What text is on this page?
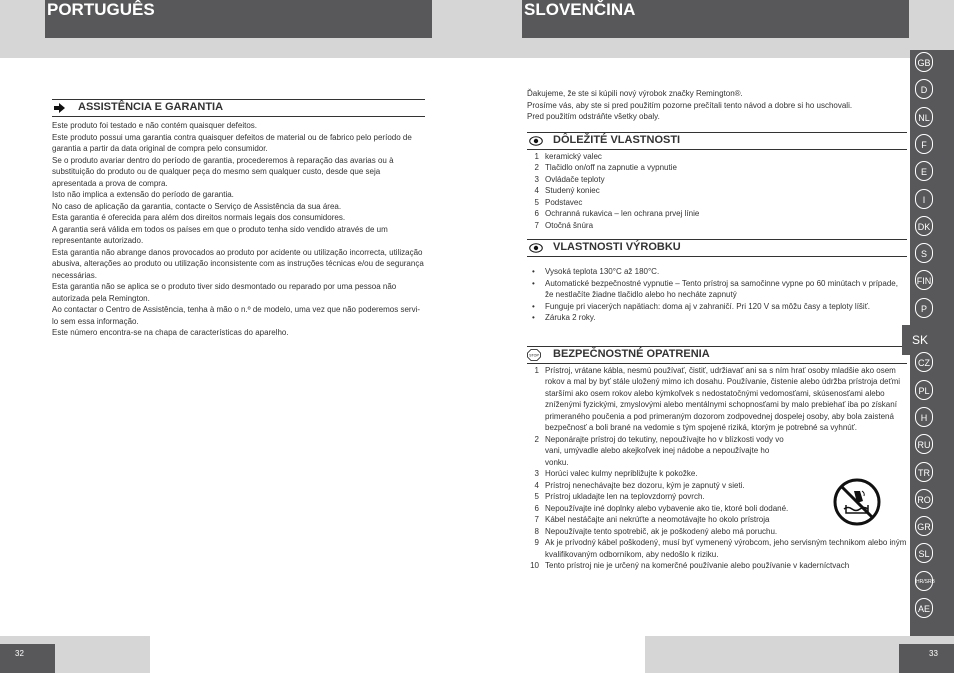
PORTUGUÊS	SLOVENČINA
ASSISTÊNCIA E GARANTIA
Este produto foi testado e não contém quaisquer defeitos.
Este produto possui uma garantia contra quaisquer defeitos de material ou de fabrico pelo período de garantia a partir da data original de compra pelo consumidor.
Se o produto avariar dentro do período de garantia, procederemos à reparação das avarias ou à substituição do produto ou de qualquer peça do mesmo sem qualquer custo, desde que seja apresentada a prova de compra.
Isto não implica a extensão do período de garantia.
No caso de aplicação da garantia, contacte o Serviço de Assistência da sua área.
Esta garantia é oferecida para além dos direitos normais legais dos consumidores.
A garantia será válida em todos os países em que o produto tenha sido vendido através de um representante autorizado.
Esta garantia não abrange danos provocados ao produto por acidente ou utilização incorrecta, utilização abusiva, alterações ao produto ou utilização inconsistente com as instruções técnicas e/ou de segurança necessárias.
Esta garantia não se aplica se o produto tiver sido desmontado ou reparado por uma pessoa não autorizada pela Remington.
Ao contactar o Centro de Assistência, tenha à mão o n.º de modelo, uma vez que não poderemos servi-lo sem essa informação.
Este número encontra-se na chapa de características do aparelho.
Ďakujeme, že ste si kúpili nový výrobok značky Remington®.
Prosíme vás, aby ste si pred použitím pozorne prečítali tento návod a dobre si ho uschovali.
Pred použitím odstráňte všetky obaly.
DÔLEŽITÉ VLASTNOSTI
1 keramický valec
2 Tlačidlo on/off na zapnutie a vypnutie
3 Ovládače teploty
4 Studený koniec
5 Podstavec
6 Ochranná rukavica – len ochrana prvej línie
7 Otočná šnúra
VLASTNOSTI VÝROBKU
• Vysoká teplota 130°C až 180°C.
• Automatické bezpečnostné vypnutie – Tento prístroj sa samočinne vypne po 60 minútach v prípade, že nestlačíte žiadne tlačidlo alebo ho necháte zapnutý
• Funguje pri viacerých napätiach: doma aj v zahraničí. Pri 120 V sa môžu časy a teploty líšiť.
• Záruka 2 roky.
STOP BEZPEČNOSTNÉ OPATRENIA
1 Prístroj, vrátane kábla, nesmú používať, čistiť, udržiavať ani sa s ním hrať osoby mladšie ako osem rokov a mal by byť stále uložený mimo ich dosahu. Používanie, čistenie alebo údržba prístroja deťmi staršími ako osem rokov alebo kýmkoľvek s nedostatočnými vedomosťami, skúsenosťami alebo zníženými fyzickými, zmyslovými alebo mentálnymi schopnosťami by malo prebiehať iba po získaní primeraného poučenia a pod primeraným dozorom zodpovednej dospelej osoby, aby bola zaistená bezpečnosť a boli brané na vedomie s tým spojené riziká, ktorým je potrebné sa vyhnúť.
2 Neponárajte prístroj do tekutiny, nepoužívajte ho v blízkosti vody vo vani, umývadle alebo akejkoľvek inej nádobe a nepoužívajte ho vonku.
3 Horúci valec kulmy nepribližujte k pokožke.
4 Prístroj nenechávajte bez dozoru, kým je zapnutý v sieti.
5 Prístroj ukladajte len na teplovzdorný povrch.
6 Nepoužívajte iné doplnky alebo vybavenie ako tie, ktoré boli dodané.
7 Kábel nestáčajte ani nekrúťte a neomotávajte ho okolo prístroja
8 Nepoužívajte tento spotrebič, ak je poškodený alebo má poruchu.
9 Ak je prívodný kábel poškodený, musí byť vymenený výrobcom, jeho servisným technikom alebo iným kvalifikovaným odborníkom, aby nedošlo k riziku.
10 Tento prístroj nie je určený na komerčné používanie alebo používanie v kaderníctvach
GB
D
NL
F
E
I
DK
S
FIN
P
SK
CZ
PL
H
RU
TR
RO
GR
SL
HR/SRB
AE
32	33
